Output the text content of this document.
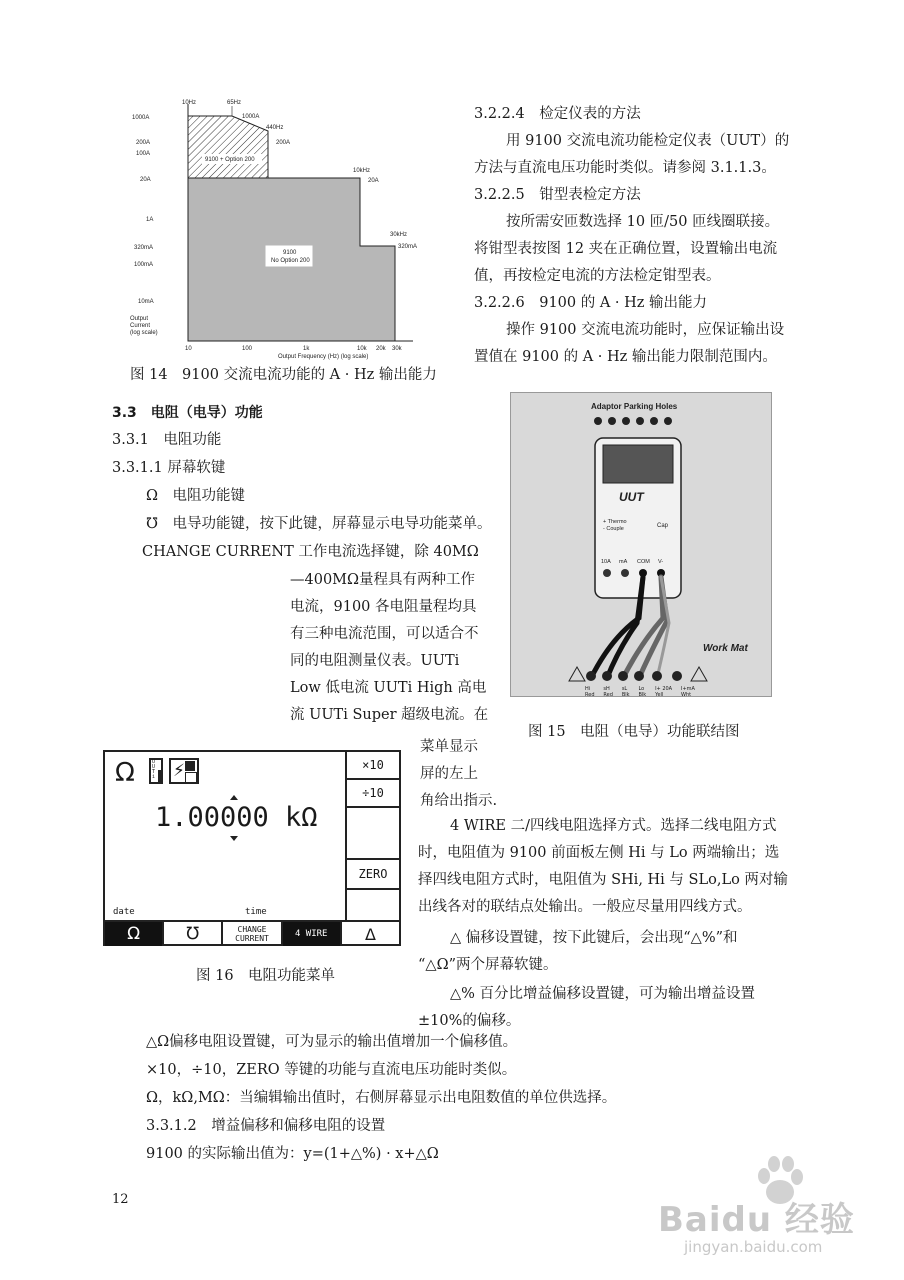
1000A
200A
100A
20A
1A
320mA
100mA
10mA
Output
Current
(log scale)
10	100	1k	10k 20k 30k
Output Frequency (Hz) (log scale)
10Hz	65Hz
1000A
440Hz
200A
10kHz
20A
30kHz
320mA
9100 + Option 200
9100
No Option 200
图 14　9100 交流电流功能的 A · Hz 输出能力
3.2.2.4　检定仪表的方法
用 9100 交流电流功能检定仪表（UUT）的
方法与直流电压功能时类似。请参阅 3.1.1.3。
3.2.2.5　钳型表检定方法
按所需安匝数选择 10 匝/50 匝线圈联接。
将钳型表按图 12 夹在正确位置，设置输出电流
值，再按检定电流的方法检定钳型表。
3.2.2.6　9100 的 A · Hz 输出能力
操作 9100 交流电流功能时，应保证输出设
置值在 9100 的 A · Hz 输出能力限制范围内。
Adaptor Parking Holes
UUT
+ Thermo
- Couple	Cap
10A mA COM V-
Work Mat
Hi
Red
sH
Red
sL
Blk
Lo
Blk
I+ 20A
Yell
I+mA
Wht
图 15　电阻（电导）功能联结图
3.3　电阻（电导）功能
3.3.1　电阻功能
3.3.1.1 屏幕软键
Ω　电阻功能键
℧　电导功能键，按下此键，屏幕显示电导功能菜单。
CHANGE CURRENT 工作电流选择键，除 40MΩ
—400MΩ量程具有两种工作
电流，9100 各电阻量程均具
有三种电流范围，可以适合不
同的电阻测量仪表。UUTi
Low 低电流 UUTi High 高电
流 UUTi Super 超级电流。在
菜单显示
屏的左上
角给出指示.
Ω	UUTi ⚡
1.00000 kΩ
×10
÷10
ZERO
date	time
Ω	℧	CHANGE CURRENT	4 WIRE	Δ
图 16　电阻功能菜单
4 WIRE 二/四线电阻选择方式。选择二线电阻方式
时，电阻值为 9100 前面板左侧 Hi 与 Lo 两端输出；选
择四线电阻方式时，电阻值为 SHi, Hi 与 SLo,Lo 两对输
出线各对的联结点处输出。一般应尽量用四线方式。
△ 偏移设置键，按下此键后，会出现“△%”和
“△Ω”两个屏幕软键。
△% 百分比增益偏移设置键，可为输出增益设置
±10%的偏移。
△Ω偏移电阻设置键，可为显示的输出值增加一个偏移值。
×10，÷10，ZERO 等键的功能与直流电压功能时类似。
Ω，kΩ,MΩ：当编辑输出值时，右侧屏幕显示出电阻数值的单位供选择。
3.3.1.2　增益偏移和偏移电阻的设置
9100 的实际输出值为：y=(1+△%) · x+△Ω
12
Baidu 经验
jingyan.baidu.com
